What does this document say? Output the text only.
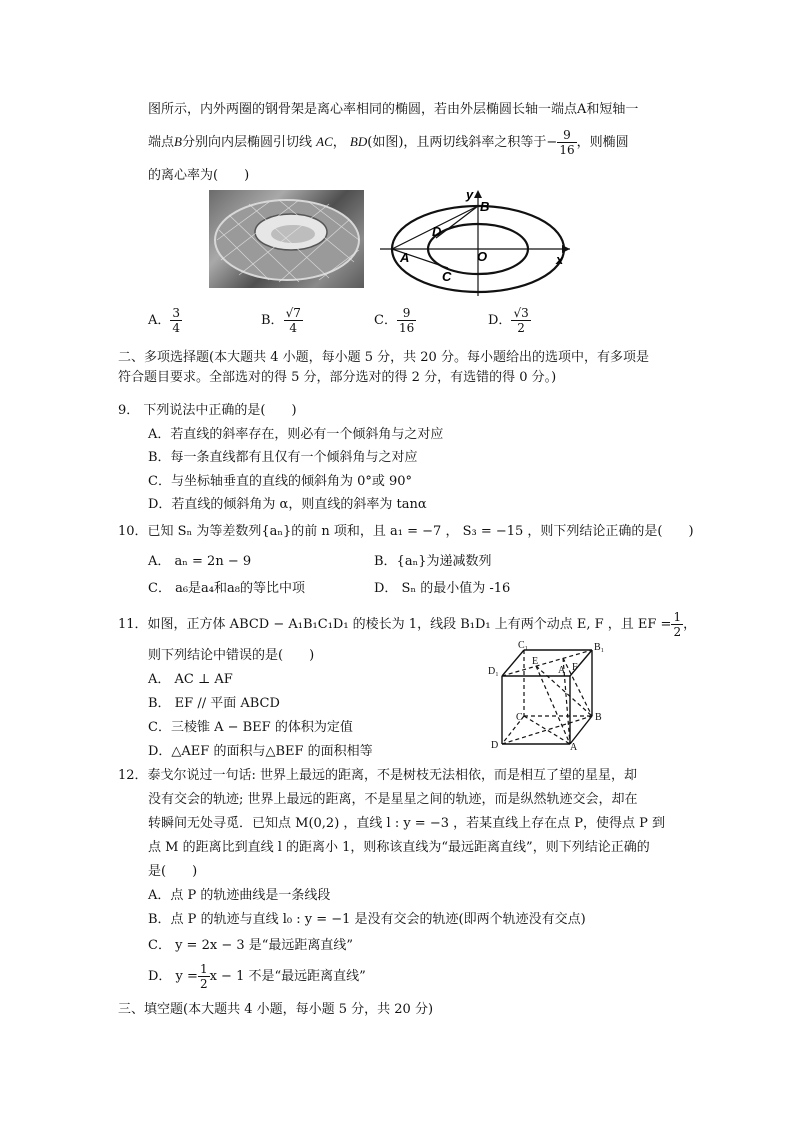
图所示，内外两圈的钢骨架是离心率相同的椭圆，若由外层椭圆长轴一端点A和短轴一
端点B分别向内层椭圆引切线 AC， BD(如图)，且两切线斜率之积等于− $\frac{9}{16}$ ，则椭圆
的离心率为(　　)
y
B
D
O
A
C
x
A． $\frac{3}{4}$	B． $\frac{√7}{4}$	C． $\frac{9}{16}$	D． $\frac{√3}{2}$
二、多项选择题(本大题共 4 小题，每小题 5 分，共 20 分。每小题给出的选项中，有多项是
符合题目要求。全部选对的得 5 分，部分选对的得 2 分，有选错的得 0 分。)
9． 下列说法中正确的是(　　)
A．若直线的斜率存在，则必有一个倾斜角与之对应
B．每一条直线都有且仅有一个倾斜角与之对应
C．与坐标轴垂直的直线的倾斜角为 0°或 90°
D．若直线的倾斜角为 α，则直线的斜率为 tanα
10．已知 Sₙ 为等差数列{aₙ}的前 n 项和，且 a₁ = −7 ， S₃ = −15 ，则下列结论正确的是(　　)
A． aₙ = 2n − 9	B．{aₙ}为递减数列
C． a₆是a₄和a₈的等比中项	D． Sₙ 的最小值为 -16
11．如图，正方体 ABCD − A₁B₁C₁D₁ 的棱长为 1，线段 B₁D₁ 上有两个动点 E, F ，且 EF = $\frac{1}{2}$ ，
则下列结论中错误的是(　　)
A． AC ⊥ AF
B． EF // 平面 ABCD
C．三棱锥 A − BEF 的体积为定值
D．△AEF 的面积与△BEF 的面积相等
C₁	B₁
D₁
E
A F
C	B
D	A
12．泰戈尔说过一句话: 世界上最远的距离，不是树枝无法相依，而是相互了望的星星，却
没有交会的轨迹; 世界上最远的距离，不是星星之间的轨迹，而是纵然轨迹交会，却在
转瞬间无处寻觅．已知点 M(0,2) ，直线 l : y = −3 ，若某直线上存在点 P，使得点 P 到
点 M 的距离比到直线 l 的距离小 1，则称该直线为“最远距离直线”，则下列结论正确的
是(　　)
A．点 P 的轨迹曲线是一条线段
B．点 P 的轨迹与直线 l₀ : y = −1 是没有交会的轨迹(即两个轨迹没有交点)
C． y = 2x − 3 是“最远距离直线”
D． $y = \frac{1}{2}$ x − 1 不是“最远距离直线”
三、填空题(本大题共 4 小题，每小题 5 分，共 20 分)
